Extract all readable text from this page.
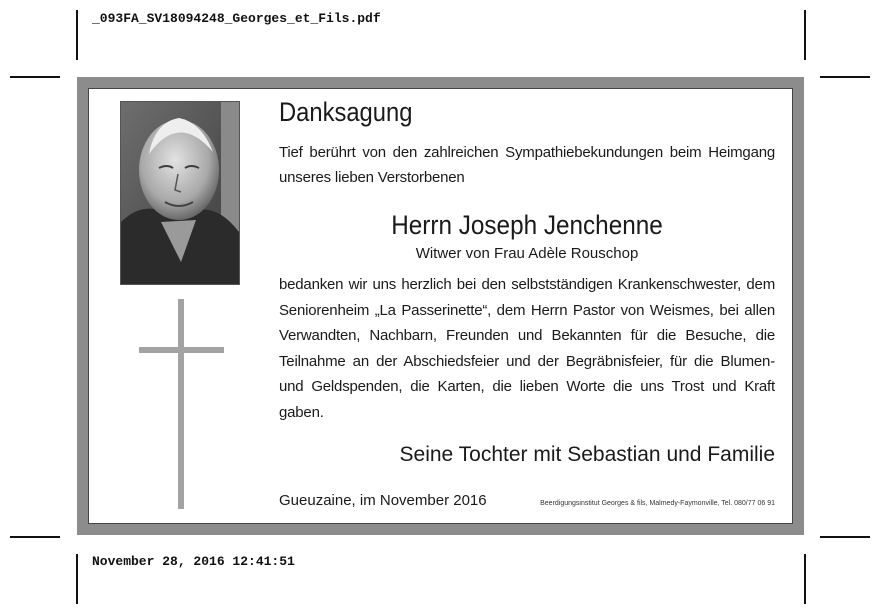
_093FA_SV18094248_Georges_et_Fils.pdf
Danksagung

Tief berührt von den zahlreichen Sympathiebekundungen beim Heimgang unseres lieben Verstorbenen

Herrn Joseph Jenchenne

Witwer von Frau Adèle Rouschop

bedanken wir uns herzlich bei den selbstständigen Krankenschwester, dem Seniorenheim „La Passerinette“, dem Herrn Pastor von Weismes, bei allen Verwandten, Nachbarn, Freunden und Bekannten für die Besuche, die Teilnahme an der Abschiedsfeier und der Begräbnisfeier, für die Blumen- und Geldspenden, die Karten, die lieben Worte die uns Trost und Kraft gaben.

Seine Tochter mit Sebastian und Familie

Gueuzaine, im November 2016	Beerdigungsinstitut Georges & fils, Malmedy-Faymonville, Tel. 080/77 06 91
November 28, 2016 12:41:51
